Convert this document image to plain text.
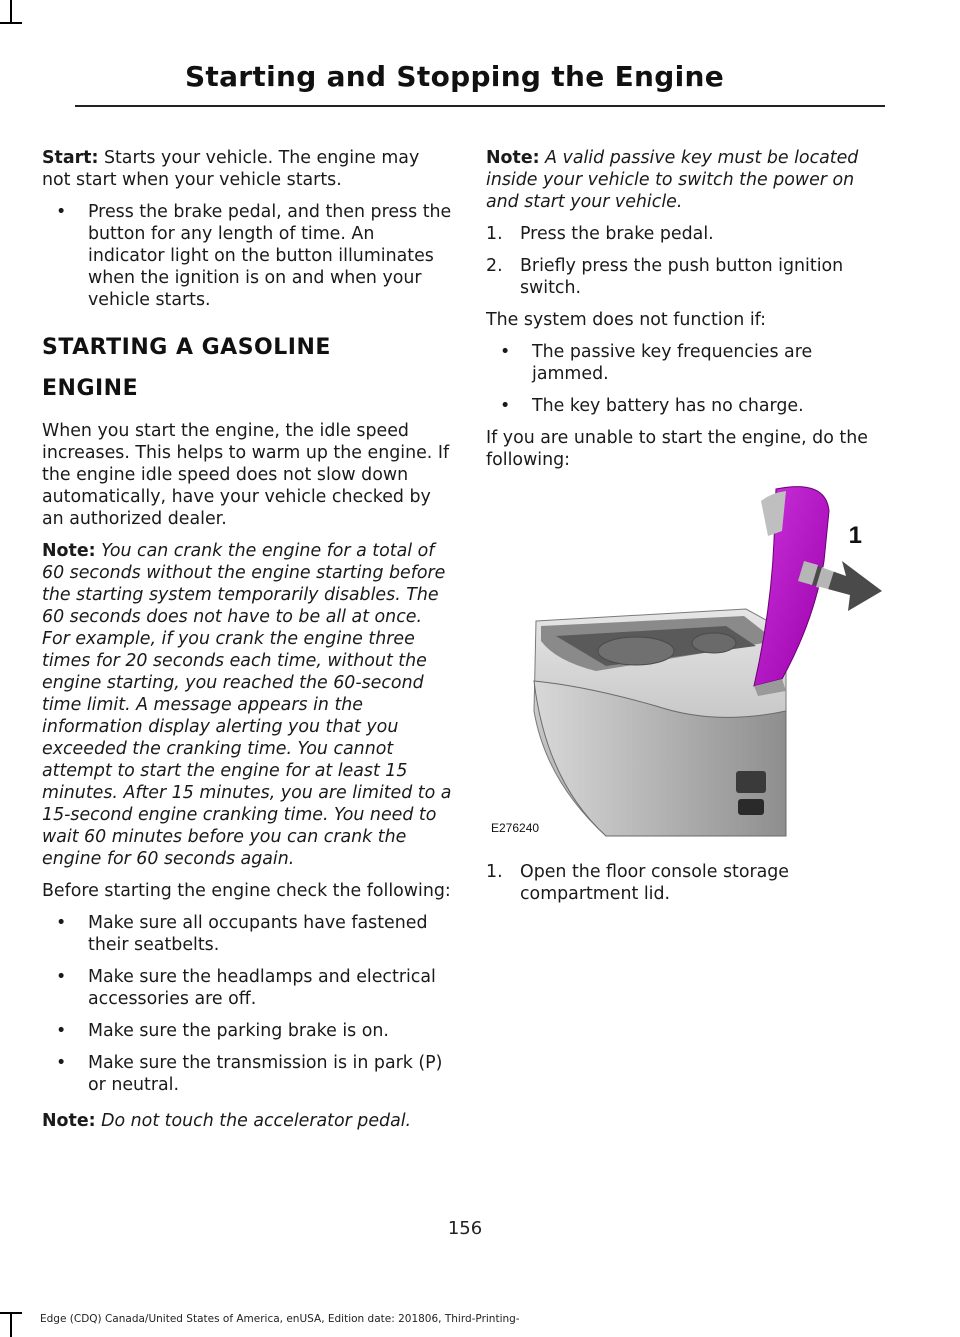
Starting and Stopping the Engine

Start: Starts your vehicle. The engine may not start when your vehicle starts.

• Press the brake pedal, and then press the button for any length of time. An indicator light on the button illuminates when the ignition is on and when your vehicle starts.
STARTING A GASOLINE
ENGINE

When you start the engine, the idle speed increases. This helps to warm up the engine. If the engine idle speed does not slow down automatically, have your vehicle checked by an authorized dealer.

Note: You can crank the engine for a total of 60 seconds without the engine starting before the starting system temporarily disables. The 60 seconds does not have to be all at once. For example, if you crank the engine three times for 20 seconds each time, without the engine starting, you reached the 60-second time limit. A message appears in the information display alerting you that you exceeded the cranking time. You cannot attempt to start the engine for at least 15 minutes. After 15 minutes, you are limited to a 15-second engine cranking time. You need to wait 60 minutes before you can crank the engine for 60 seconds again.

Before starting the engine check the following:

• Make sure all occupants have fastened their seatbelts.
• Make sure the headlamps and electrical accessories are off.
• Make sure the parking brake is on.
• Make sure the transmission is in park (P) or neutral.

Note: Do not touch the accelerator pedal.

Note: A valid passive key must be located inside your vehicle to switch the power on and start your vehicle.

1. Press the brake pedal.
2. Briefly press the push button ignition switch.

The system does not function if:

• The passive key frequencies are jammed.
• The key battery has no charge.

If you are unable to start the engine, do the following:

1
E276240
1. Open the floor console storage compartment lid.
156
Edge (CDQ) Canada/United States of America, enUSA, Edition date: 201806, Third-Printing-
